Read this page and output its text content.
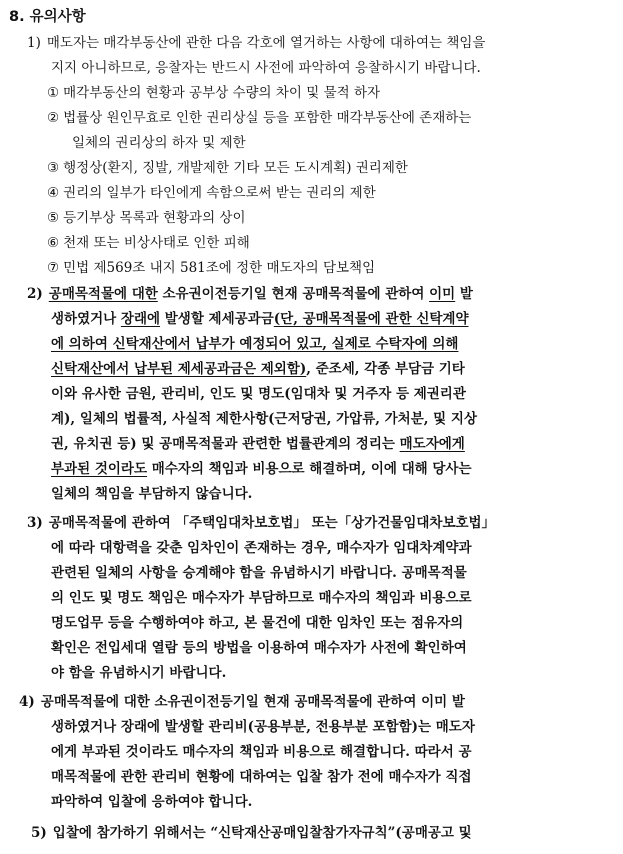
8. 유의사항
1) 매도자는 매각부동산에 관한 다음 각호에 열거하는 사항에 대하여는 책임을
지지 아니하므로, 응찰자는 반드시 사전에 파악하여 응찰하시기 바랍니다.
① 매각부동산의 현황과 공부상 수량의 차이 및 물적 하자
② 법률상 원인무효로 인한 권리상실 등을 포함한 매각부동산에 존재하는
일체의 권리상의 하자 및 제한
③ 행정상(환지, 징발, 개발제한 기타 모든 도시계획) 권리제한
④ 권리의 일부가 타인에게 속함으로써 받는 권리의 제한
⑤ 등기부상 목록과 현황과의 상이
⑥ 천재 또는 비상사태로 인한 피해
⑦ 민법 제569조 내지 581조에 정한 매도자의 담보책임
2) 공매목적물에 대한 소유권이전등기일 현재 공매목적물에 관하여 이미 발
생하였거나 장래에 발생할 제세공과금(단, 공매목적물에 관한 신탁계약
에 의하여 신탁재산에서 납부가 예정되어 있고, 실제로 수탁자에 의해
신탁재산에서 납부된 제세공과금은 제외함), 준조세, 각종 부담금 기타
이와 유사한 금원, 관리비, 인도 및 명도(임대차 및 거주자 등 제권리관
계), 일체의 법률적, 사실적 제한사항(근저당권, 가압류, 가처분, 및 지상
권, 유치권 등) 및 공매목적물과 관련한 법률관계의 정리는 매도자에게
부과된 것이라도 매수자의 책임과 비용으로 해결하며, 이에 대해 당사는
일체의 책임을 부담하지 않습니다.
3) 공매목적물에 관하여 「주택임대차보호법」 또는「상가건물임대차보호법」
에 따라 대항력을 갖춘 임차인이 존재하는 경우, 매수자가 임대차계약과
관련된 일체의 사항을 승계해야 함을 유념하시기 바랍니다. 공매목적물
의 인도 및 명도 책임은 매수자가 부담하므로 매수자의 책임과 비용으로
명도업무 등을 수행하여야 하고, 본 물건에 대한 임차인 또는 점유자의
확인은 전입세대 열람 등의 방법을 이용하여 매수자가 사전에 확인하여
야 함을 유념하시기 바랍니다.
4) 공매목적물에 대한 소유권이전등기일 현재 공매목적물에 관하여 이미 발
생하였거나 장래에 발생할 관리비(공용부분, 전용부분 포함함)는 매도자
에게 부과된 것이라도 매수자의 책임과 비용으로 해결합니다. 따라서 공
매목적물에 관한 관리비 현황에 대하여는 입찰 참가 전에 매수자가 직접
파악하여 입찰에 응하여야 합니다.
5) 입찰에 참가하기 위해서는 “신탁재산공매입찰참가자규칙”(공매공고 및
